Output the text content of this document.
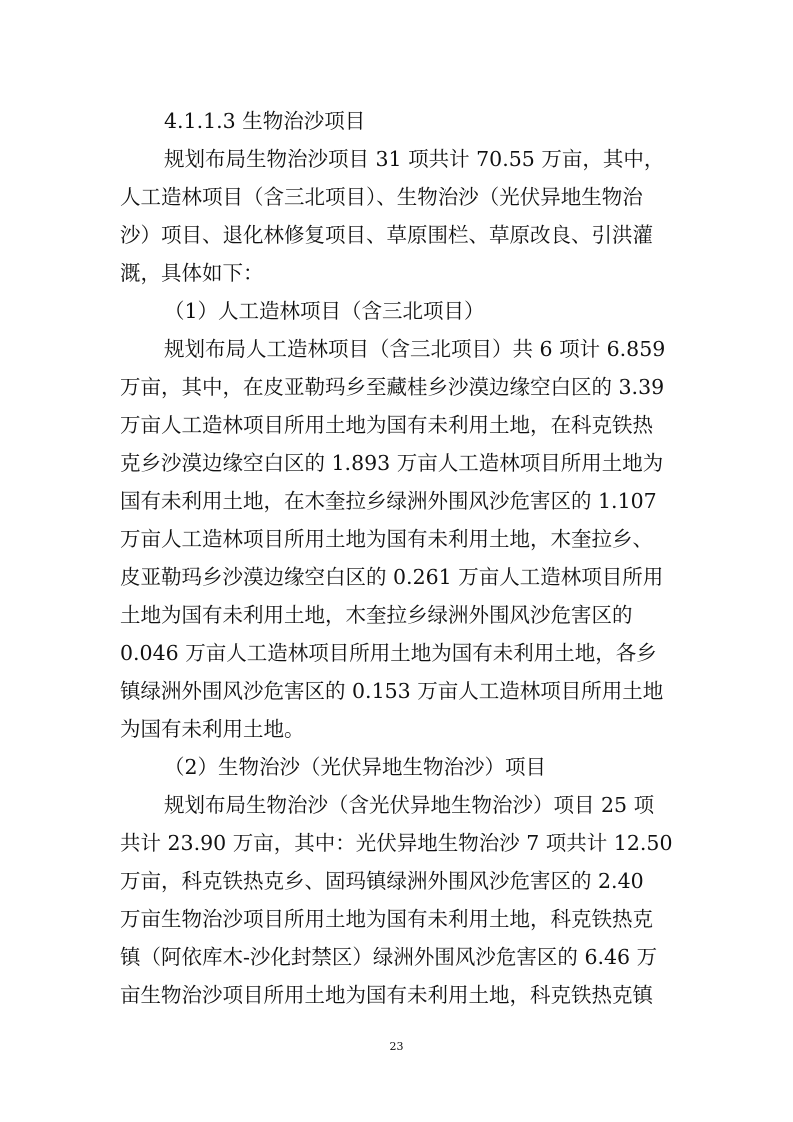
4.1.1.3 生物治沙项目
规划布局生物治沙项目 31 项共计 70.55 万亩，其中，
人工造林项目（含三北项目）、生物治沙（光伏异地生物治
沙）项目、退化林修复项目、草原围栏、草原改良、引洪灌
溉，具体如下：
（1）人工造林项目（含三北项目）
规划布局人工造林项目（含三北项目）共 6 项计 6.859
万亩，其中，在皮亚勒玛乡至藏桂乡沙漠边缘空白区的 3.39
万亩人工造林项目所用土地为国有未利用土地，在科克铁热
克乡沙漠边缘空白区的 1.893 万亩人工造林项目所用土地为
国有未利用土地，在木奎拉乡绿洲外围风沙危害区的 1.107
万亩人工造林项目所用土地为国有未利用土地，木奎拉乡、
皮亚勒玛乡沙漠边缘空白区的 0.261 万亩人工造林项目所用
土地为国有未利用土地，木奎拉乡绿洲外围风沙危害区的
0.046 万亩人工造林项目所用土地为国有未利用土地，各乡
镇绿洲外围风沙危害区的 0.153 万亩人工造林项目所用土地
为国有未利用土地。
（2）生物治沙（光伏异地生物治沙）项目
规划布局生物治沙（含光伏异地生物治沙）项目 25 项
共计 23.90 万亩，其中：光伏异地生物治沙 7 项共计 12.50
万亩，科克铁热克乡、固玛镇绿洲外围风沙危害区的 2.40
万亩生物治沙项目所用土地为国有未利用土地，科克铁热克
镇（阿依库木-沙化封禁区）绿洲外围风沙危害区的 6.46 万
亩生物治沙项目所用土地为国有未利用土地，科克铁热克镇
23
